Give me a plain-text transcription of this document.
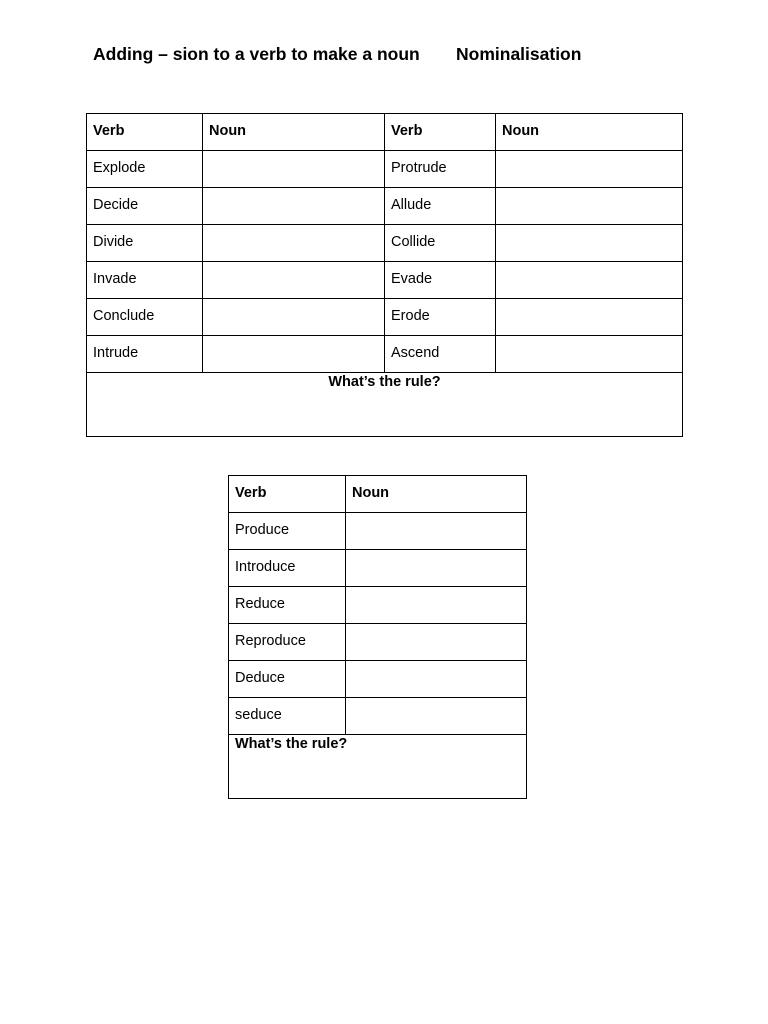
Adding – sion to a verb to make a noun Nominalisation
Verb	Noun	Verb	Noun
Explode		Protrude	
Decide		Allude	
Divide		Collide	
Invade		Evade	
Conclude		Erode	
Intrude		Ascend	
What’s the rule?			
Verb	Noun
Produce	
Introduce	
Reduce	
Reproduce	
Deduce	
seduce	
What’s the rule?	
